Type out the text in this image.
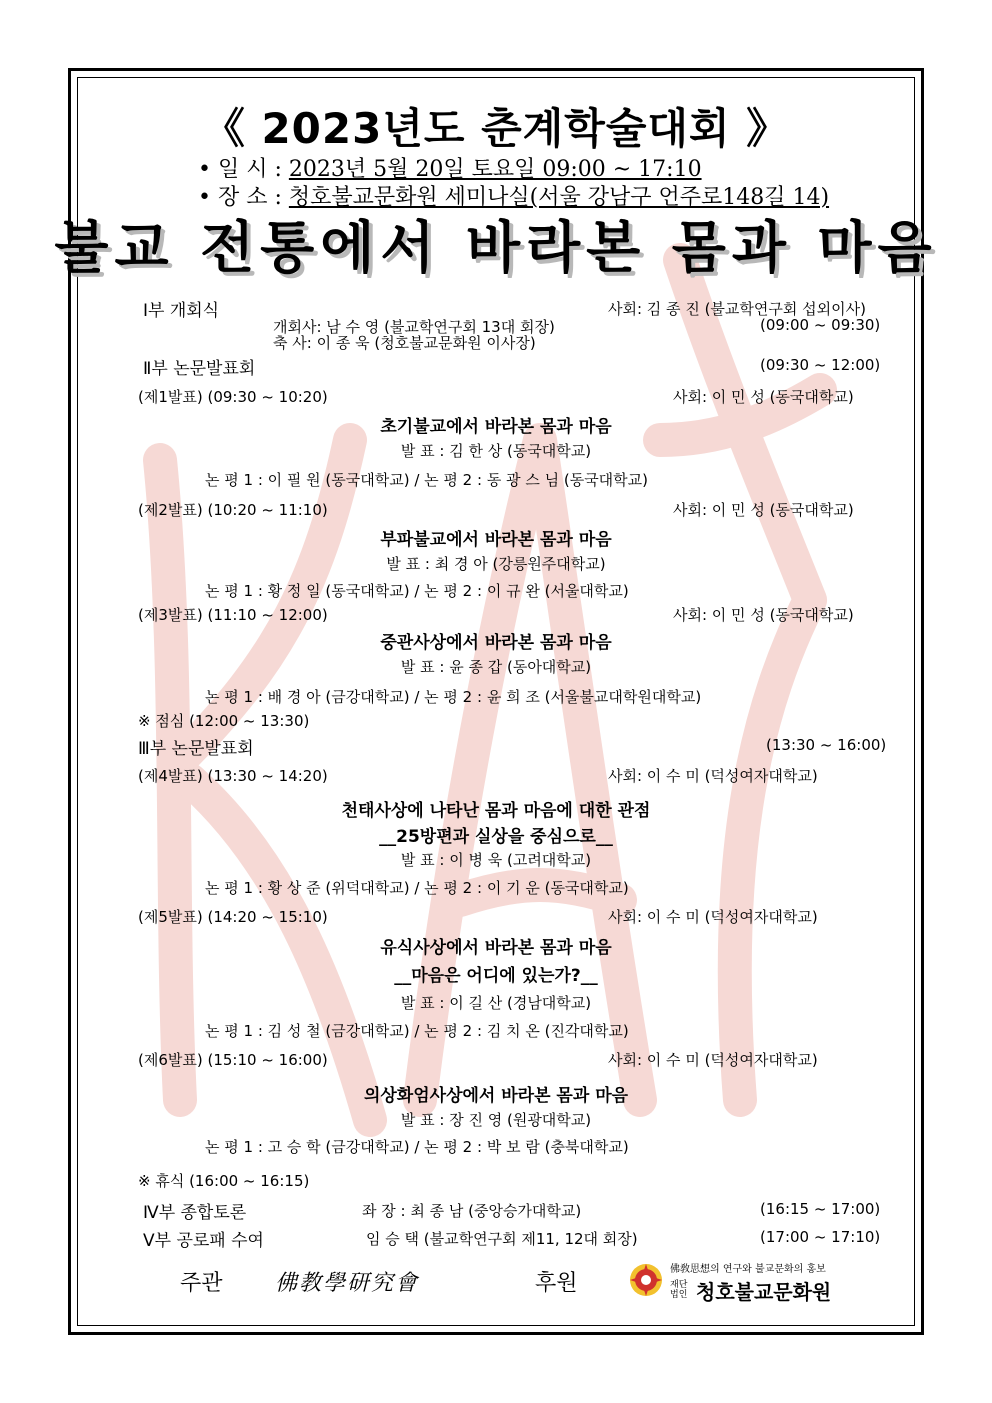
《 2023년도 춘계학술대회 》
• 일 시 : 2023년 5월 20일 토요일 09:00 ~ 17:10
• 장 소 : 청호불교문화원 세미나실(서울 강남구 언주로148길 14)
불교 전통에서 바라본 몸과 마음
Ⅰ부 개회식	사회: 김 종 진 (불교학연구회 섭외이사)
개회사: 남 수 영 (불교학연구회 13대 회장)	(09:00 ~ 09:30)
축 사: 이 종 욱 (청호불교문화원 이사장)
Ⅱ부 논문발표회	(09:30 ~ 12:00)
(제1발표) (09:30 ~ 10:20)	사회: 이 민 성 (동국대학교)
초기불교에서 바라본 몸과 마음
발 표 : 김 한 상 (동국대학교)
논 평 1 : 이 필 원 (동국대학교) / 논 평 2 : 동 광 스 님 (동국대학교)
(제2발표) (10:20 ~ 11:10)	사회: 이 민 성 (동국대학교)
부파불교에서 바라본 몸과 마음
발 표 : 최 경 아 (강릉원주대학교)
논 평 1 : 황 정 일 (동국대학교) / 논 평 2 : 이 규 완 (서울대학교)
(제3발표) (11:10 ~ 12:00)	사회: 이 민 성 (동국대학교)
중관사상에서 바라본 몸과 마음
발 표 : 윤 종 갑 (동아대학교)
논 평 1 : 배 경 아 (금강대학교) / 논 평 2 : 윤 희 조 (서울불교대학원대학교)
※ 점심 (12:00 ~ 13:30)
Ⅲ부 논문발표회	(13:30 ~ 16:00)
(제4발표) (13:30 ~ 14:20)	사회: 이 수 미 (덕성여자대학교)
천태사상에 나타난 몸과 마음에 대한 관점
__25방편과 실상을 중심으로__
발 표 : 이 병 욱 (고려대학교)
논 평 1 : 황 상 준 (위덕대학교) / 논 평 2 : 이 기 운 (동국대학교)
(제5발표) (14:20 ~ 15:10)	사회: 이 수 미 (덕성여자대학교)
유식사상에서 바라본 몸과 마음
__마음은 어디에 있는가?__
발 표 : 이 길 산 (경남대학교)
논 평 1 : 김 성 철 (금강대학교) / 논 평 2 : 김 치 온 (진각대학교)
(제6발표) (15:10 ~ 16:00)	사회: 이 수 미 (덕성여자대학교)
의상화엄사상에서 바라본 몸과 마음
발 표 : 장 진 영 (원광대학교)
논 평 1 : 고 승 학 (금강대학교) / 논 평 2 : 박 보 람 (충북대학교)
※ 휴식 (16:00 ~ 16:15)
Ⅳ부 종합토론	좌 장 : 최 종 남 (중앙승가대학교)	(16:15 ~ 17:00)
Ⅴ부 공로패 수여	임 승 택 (불교학연구회 제11, 12대 회장)	(17:00 ~ 17:10)
주관 佛教學研究會	후원
佛敎思想의 연구와 불교문화의 홍보
재단법인 청호불교문화원
